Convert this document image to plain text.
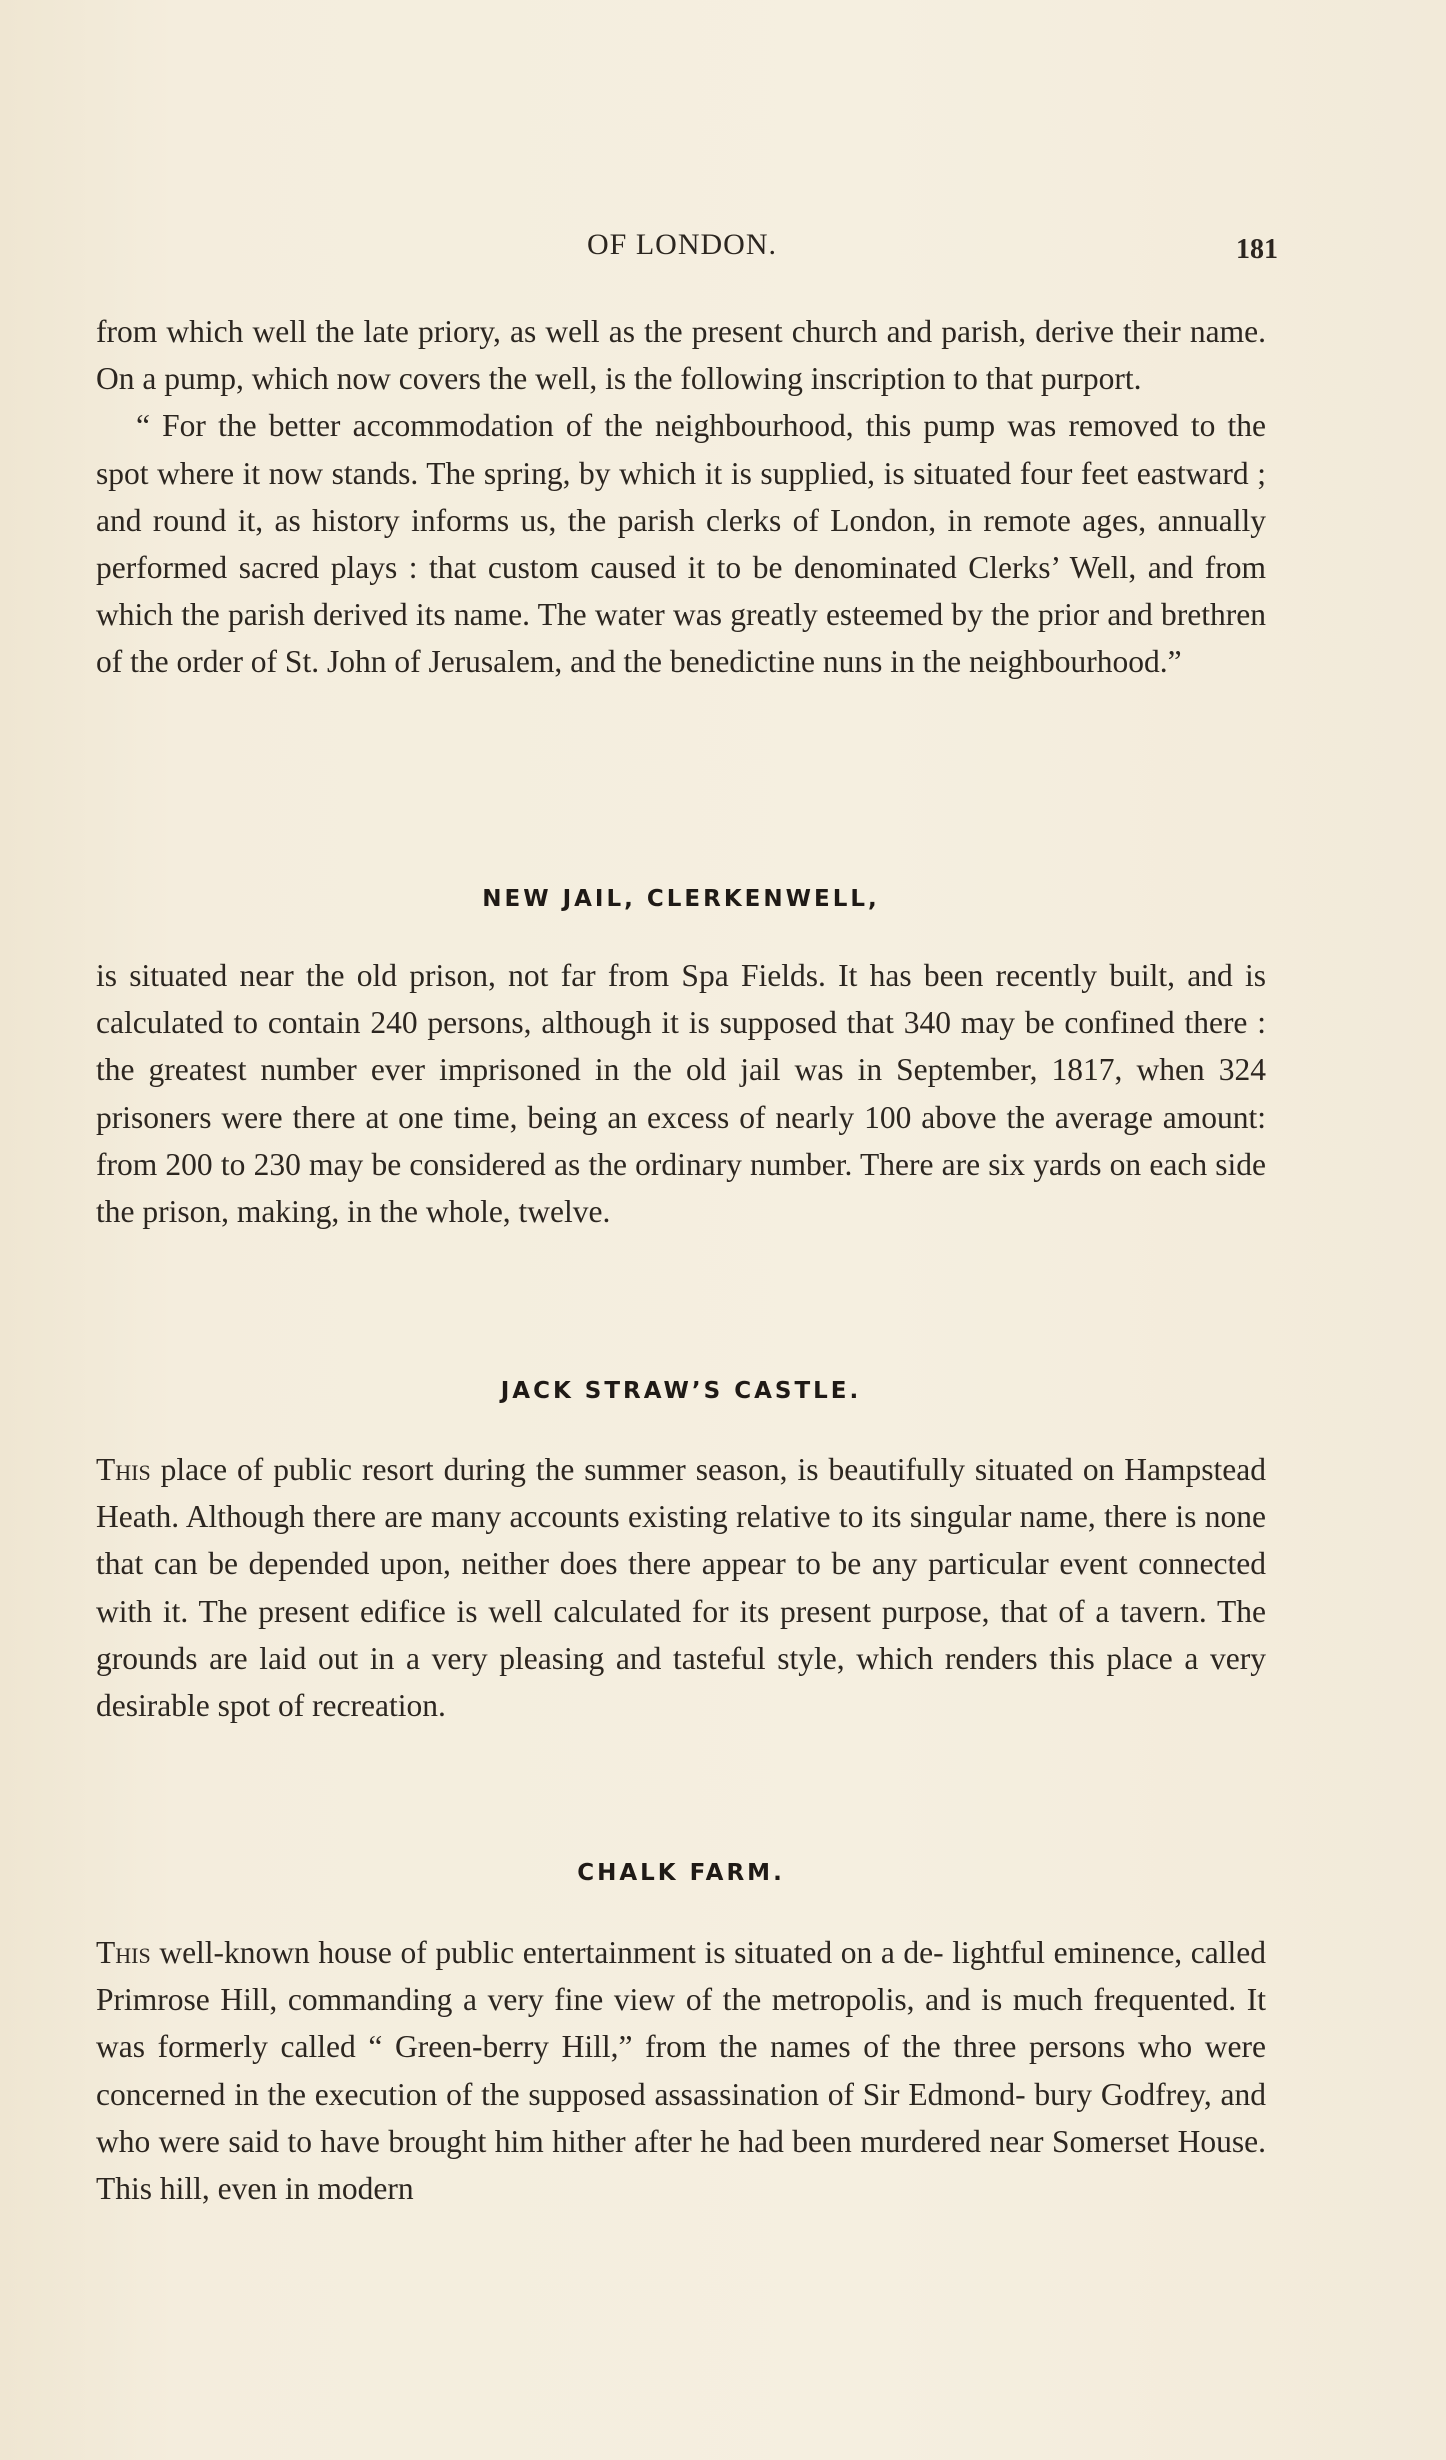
OF LONDON.	181

from which well the late priory, as well as the present church and parish, derive their name. On a pump, which now covers the well, is the following inscription to that purport.

“ For the better accommodation of the neighbourhood, this pump was removed to the spot where it now stands. The spring, by which it is supplied, is situated four feet eastward ; and round it, as history informs us, the parish clerks of London, in remote ages, annually performed sacred plays : that custom caused it to be denominated Clerks’ Well, and from which the parish derived its name. The water was greatly esteemed by the prior and brethren of the order of St. John of Jerusalem, and the benedictine nuns in the neighbourhood.”

NEW JAIL, CLERKENWELL,
is situated near the old prison, not far from Spa Fields. It has been recently built, and is calculated to contain 240 persons, although it is supposed that 340 may be confined there : the greatest number ever imprisoned in the old jail was in September, 1817, when 324 prisoners were there at one time, being an excess of nearly 100 above the average amount: from 200 to 230 may be considered as the ordinary number. There are six yards on each side the prison, making, in the whole, twelve.
JACK STRAW’S CASTLE.
This place of public resort during the summer season, is beautifully situated on Hampstead Heath. Although there are many accounts existing relative to its singular name, there is none that can be depended upon, neither does there appear to be any particular event connected with it. The present edifice is well calculated for its present purpose, that of a tavern. The grounds are laid out in a very pleasing and tasteful style, which renders this place a very desirable spot of recreation.
CHALK FARM.
This well-known house of public entertainment is situated on a de- lightful eminence, called Primrose Hill, commanding a very fine view of the metropolis, and is much frequented. It was formerly called “ Green-berry Hill,” from the names of the three persons who were concerned in the execution of the supposed assassination of Sir Edmond- bury Godfrey, and who were said to have brought him hither after he had been murdered near Somerset House. This hill, even in modern
